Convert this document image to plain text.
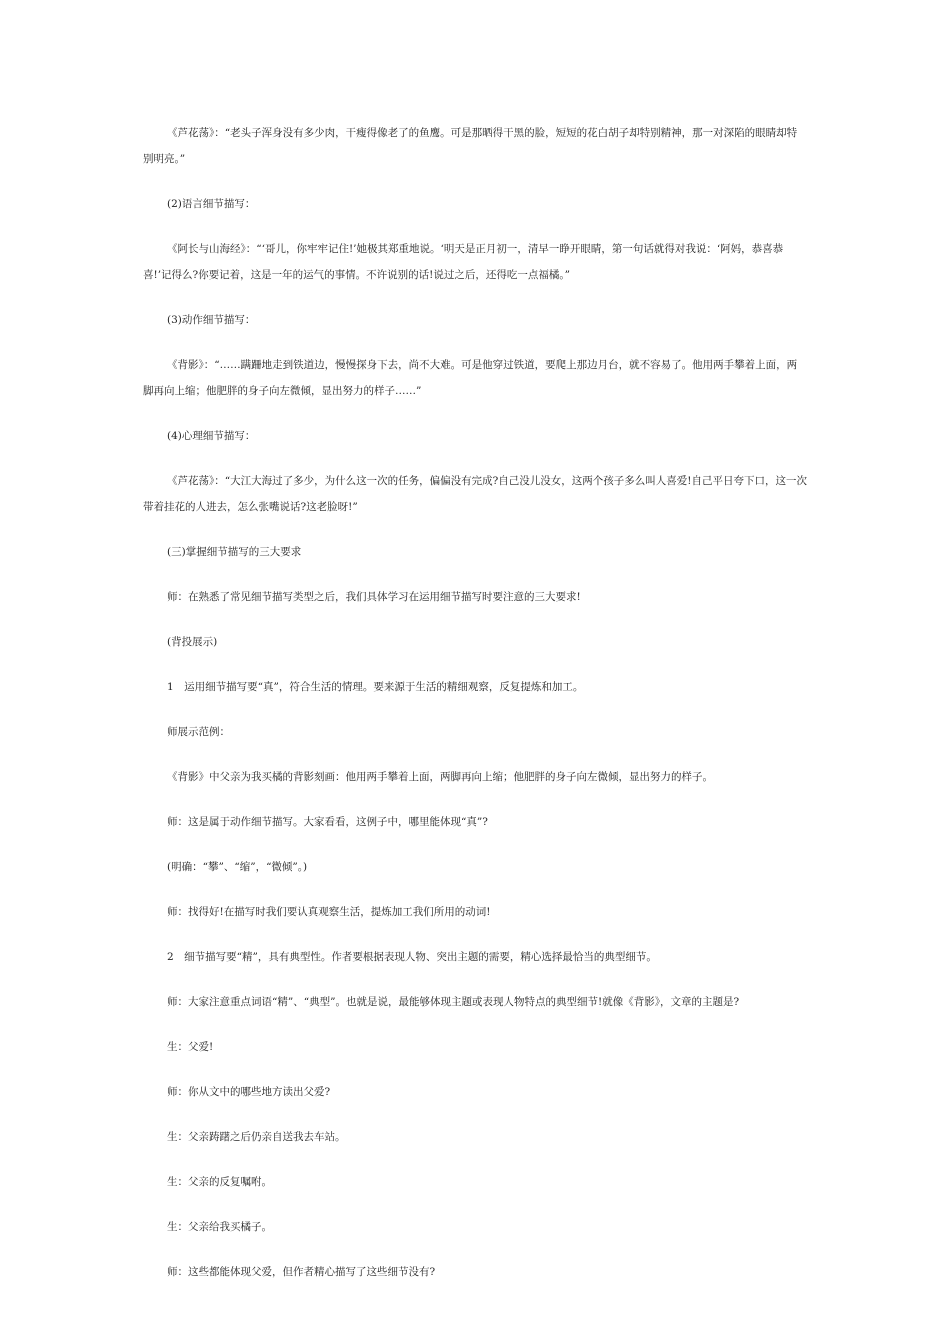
《芦花荡》：“老头子浑身没有多少肉，干瘦得像老了的鱼鹰。可是那晒得干黑的脸，短短的花白胡子却特别精神，那一对深陷的眼睛却特别明亮。”

(2)语言细节描写：

《阿长与山海经》：“‘哥儿，你牢牢记住!’她极其郑重地说。‘明天是正月初一，清早一睁开眼睛，第一句话就得对我说：‘阿妈，恭喜恭喜!’记得么?你要记着，这是一年的运气的事情。不许说别的话!说过之后，还得吃一点福橘。”

(3)动作细节描写：

《背影》：“……蹒跚地走到铁道边，慢慢探身下去，尚不大难。可是他穿过铁道，要爬上那边月台，就不容易了。他用两手攀着上面，两脚再向上缩；他肥胖的身子向左微倾，显出努力的样子……”

(4)心理细节描写：

《芦花荡》：“大江大海过了多少，为什么这一次的任务，偏偏没有完成?自己没儿没女，这两个孩子多么叫人喜爱!自己平日夸下口，这一次带着挂花的人进去，怎么张嘴说话?这老脸呀!”

(三)掌握细节描写的三大要求

师：在熟悉了常见细节描写类型之后，我们具体学习在运用细节描写时要注意的三大要求!

(背投展示)

1　运用细节描写要“真”，符合生活的情理。要来源于生活的精细观察，反复提炼和加工。

师展示范例：

《背影》中父亲为我买橘的背影刻画：他用两手攀着上面，两脚再向上缩；他肥胖的身子向左微倾，显出努力的样子。

师：这是属于动作细节描写。大家看看，这例子中，哪里能体现“真”?

(明确：“攀”、“缩”，“微倾”。)

师：找得好!在描写时我们要认真观察生活，提炼加工我们所用的动词!

2　细节描写要“精”，具有典型性。作者要根据表现人物、突出主题的需要，精心选择最恰当的典型细节。

师：大家注意重点词语“精”、“典型”。也就是说，最能够体现主题或表现人物特点的典型细节!就像《背影》，文章的主题是?

生：父爱!

师：你从文中的哪些地方读出父爱?

生：父亲踌躇之后仍亲自送我去车站。

生：父亲的反复嘱咐。

生：父亲给我买橘子。

师：这些都能体现父爱，但作者精心描写了这些细节没有?
